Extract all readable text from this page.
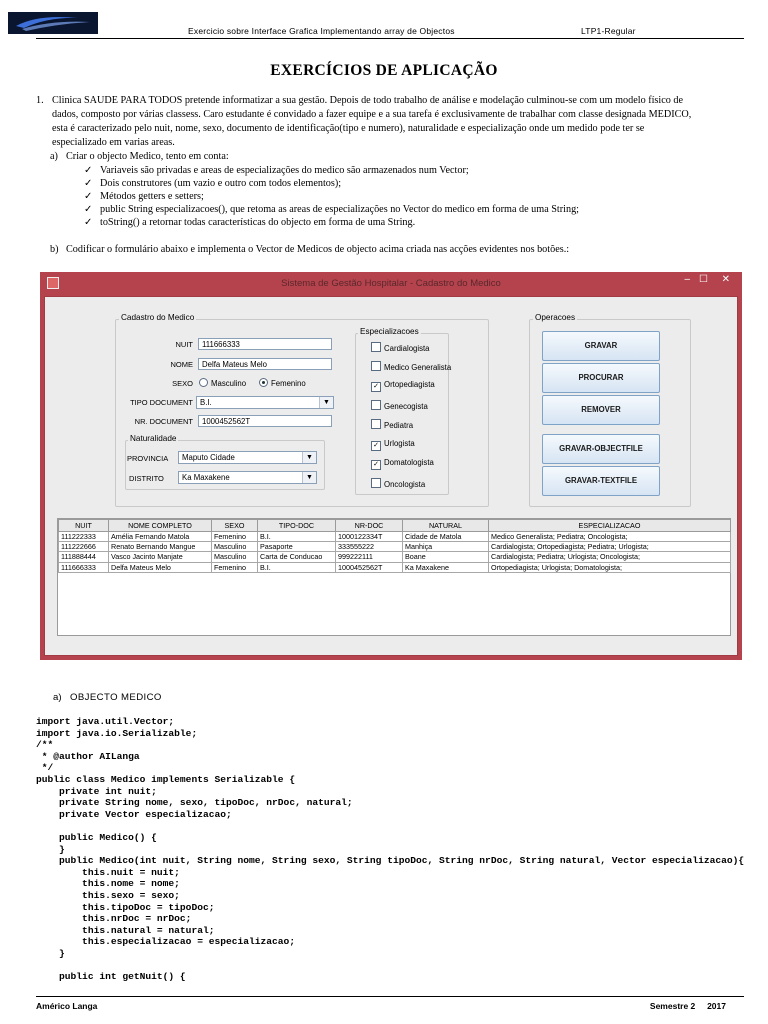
Exercicio sobre Interface Grafica Implementando array de Objectos	LTP1-Regular
EXERCÍCIOS DE APLICAÇÃO
1. Clinica SAUDE PARA TODOS pretende informatizar a sua gestão. Depois de todo trabalho de análise e modelação culminou-se com um modelo físico de
dados, composto por várias classess. Caro estudante é convidado a fazer equipe e a sua tarefa é exclusivamente de trabalhar com classe designada MEDICO,
esta é caracterizado pelo nuit, nome, sexo, documento de identificação(tipo e numero), naturalidade e especialização onde um medido pode ter se
especializado em varias areas.
a) Criar o objecto Medico, tento em conta:
✓ Variaveis são privadas e areas de especializações do medico são armazenados num Vector;
✓ Dois construtores (um vazio e outro com todos elementos);
✓ Métodos getters e setters;
✓ public String especializacoes(), que retoma as areas de especializações no Vector do medico em forma de uma String;
✓ toString() a retornar todas características do objecto em forma de uma String.
b) Codificar o formulário abaixo e implementa o Vector de Medicos de objecto acima criada nas acções evidentes nos botões.:
Sistema de Gestão Hospitalar - Cadastro do Medico	– ☐ ✕
Cadastro do Medico
NUIT	111666333
NOME	Delfa Mateus Melo
SEXO	Masculino	Femenino
TIPO DOCUMENT B.I.	▼
NR. DOCUMENT	1000452562T
Naturalidade
PROVINCIA	Maputo Cidade	▼
DISTRITO	Ka Maxakene	▼
Especializacoes
Cardialogista
Medico Generalista
✓ Ortopediagista
Genecogista
Pediatra
✓ Urlogista
✓ Domatologista
Oncologista
Operacoes
GRAVAR
PROCURAR
REMOVER
GRAVAR-OBJECTFILE
GRAVAR-TEXTFILE
NUIT	NOME COMPLETO	SEXO	TIPO-DOC	NR-DOC	NATURAL	ESPECIALIZACAO
111222333	Amélia Fernando Matola	Femenino	B.I.	1000122334T	Cidade de Matola	Medico Generalista; Pediatra; Oncologista;
111222666	Renato Bernando Mangue	Masculino	Pasaporte	333555222	Manhiça	Cardialogista; Ortopediagista; Pediatra; Urlogista;
111888444	Vasco Jacinto Manjate	Masculino	Carta de Conducao	999222111	Boane	Cardialogista; Pediatra; Urlogista; Oncologista;
111666333	Delfa Mateus Melo	Femenino	B.I.	1000452562T	Ka Maxakene	Ortopediagista; Urlogista; Domatologista;
a) OBJECTO MEDICO
import java.util.Vector;
import java.io.Serializable;
/**
* @author AILanga
*/
public class Medico implements Serializable {
private int nuit;
private String nome, sexo, tipoDoc, nrDoc, natural;
private Vector especializacao;

public Medico() {
}
public Medico(int nuit, String nome, String sexo, String tipoDoc, String nrDoc, String natural, Vector especializacao){
this.nuit = nuit;
this.nome = nome;
this.sexo = sexo;
this.tipoDoc = tipoDoc;
this.nrDoc = nrDoc;
this.natural = natural;
this.especializacao = especializacao;
}

public int getNuit() {
Américo Langa	Semestre 2     2017
